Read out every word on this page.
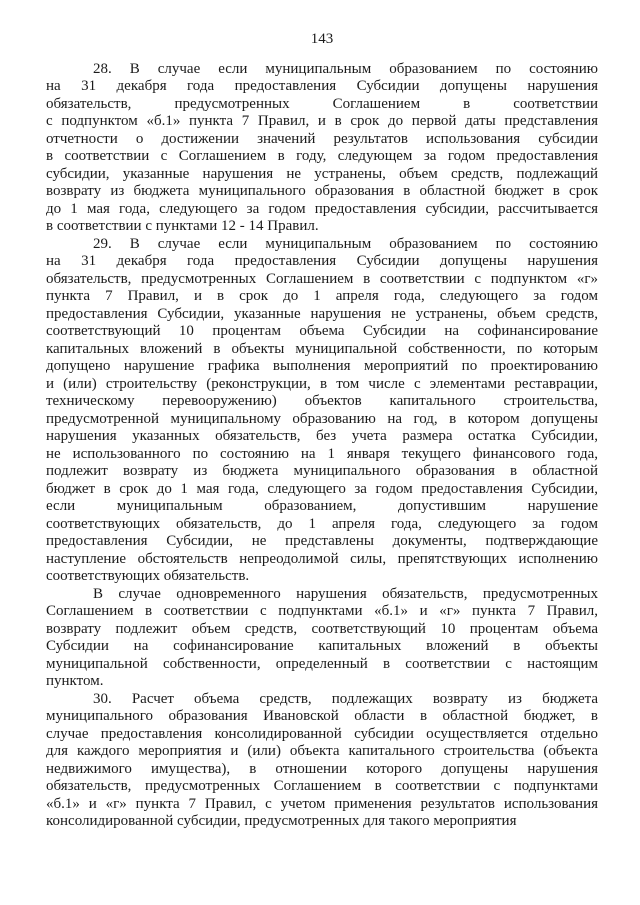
143
28. В случае если муниципальным образованием по состоянию
на 31 декабря года предоставления Субсидии допущены нарушения
обязательств, предусмотренных Соглашением в соответствии
с подпунктом «б.1» пункта 7 Правил, и в срок до первой даты представления
отчетности о достижении значений результатов использования субсидии
в соответствии с Соглашением в году, следующем за годом предоставления
субсидии, указанные нарушения не устранены, объем средств, подлежащий
возврату из бюджета муниципального образования в областной бюджет в срок
до 1 мая года, следующего за годом предоставления субсидии, рассчитывается
в соответствии с пунктами 12 - 14 Правил.
29. В случае если муниципальным образованием по состоянию
на 31 декабря года предоставления Субсидии допущены нарушения
обязательств, предусмотренных Соглашением в соответствии с подпунктом «г»
пункта 7 Правил, и в срок до 1 апреля года, следующего за годом
предоставления Субсидии, указанные нарушения не устранены, объем средств,
соответствующий 10 процентам объема Субсидии на софинансирование
капитальных вложений в объекты муниципальной собственности, по которым
допущено нарушение графика выполнения мероприятий по проектированию
и (или) строительству (реконструкции, в том числе с элементами реставрации,
техническому перевооружению) объектов капитального строительства,
предусмотренной муниципальному образованию на год, в котором допущены
нарушения указанных обязательств, без учета размера остатка Субсидии,
не использованного по состоянию на 1 января текущего финансового года,
подлежит возврату из бюджета муниципального образования в областной
бюджет в срок до 1 мая года, следующего за годом предоставления Субсидии,
если муниципальным образованием, допустившим нарушение
соответствующих обязательств, до 1 апреля года, следующего за годом
предоставления Субсидии, не представлены документы, подтверждающие
наступление обстоятельств непреодолимой силы, препятствующих исполнению
соответствующих обязательств.
В случае одновременного нарушения обязательств, предусмотренных
Соглашением в соответствии с подпунктами «б.1» и «г» пункта 7 Правил,
возврату подлежит объем средств, соответствующий 10 процентам объема
Субсидии на софинансирование капитальных вложений в объекты
муниципальной собственности, определенный в соответствии с настоящим
пунктом.
30. Расчет объема средств, подлежащих возврату из бюджета
муниципального образования Ивановской области в областной бюджет, в
случае предоставления консолидированной субсидии осуществляется отдельно
для каждого мероприятия и (или) объекта капитального строительства (объекта
недвижимого имущества), в отношении которого допущены нарушения
обязательств, предусмотренных Соглашением в соответствии с подпунктами
«б.1» и «г» пункта 7 Правил, с учетом применения результатов использования
консолидированной субсидии, предусмотренных для такого мероприятия
